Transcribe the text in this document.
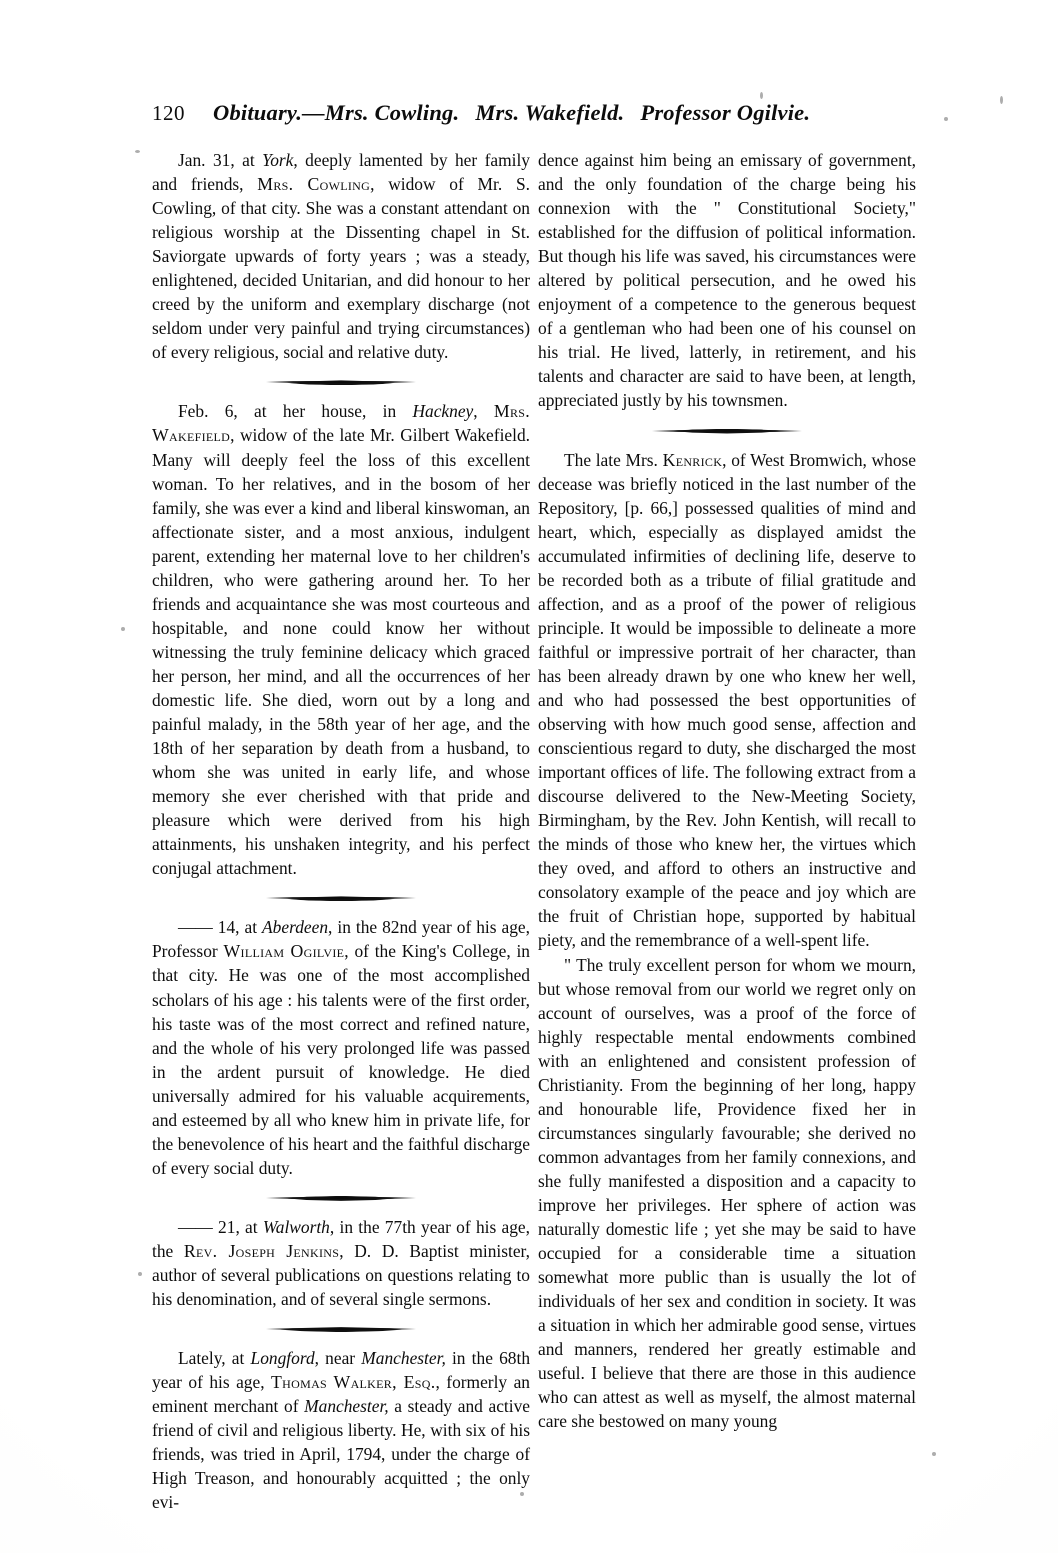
120 Obituary.—Mrs. Cowling. Mrs. Wakefield. Professor Ogilvie.

Jan. 31, at York, deeply lamented by her family and friends, Mrs. Cowling, widow of Mr. S. Cowling, of that city. She was a constant attendant on religious worship at the Dissenting chapel in St. Saviorgate upwards of forty years ; was a steady, enlightened, decided Unitarian, and did honour to her creed by the uniform and exemplary discharge (not seldom under very painful and trying circumstances) of every religious, social and relative duty.

Feb. 6, at her house, in Hackney, Mrs. Wakefield, widow of the late Mr. Gilbert Wakefield. Many will deeply feel the loss of this excellent woman. To her relatives, and in the bosom of her family, she was ever a kind and liberal kinswoman, an affectionate sister, and a most anxious, indulgent parent, extending her maternal love to her children's children, who were gathering around her. To her friends and acquaintance she was most courteous and hospitable, and none could know her without witnessing the truly feminine delicacy which graced her person, her mind, and all the occurrences of her domestic life. She died, worn out by a long and painful malady, in the 58th year of her age, and the 18th of her separation by death from a husband, to whom she was united in early life, and whose memory she ever cherished with that pride and pleasure which were derived from his high attainments, his unshaken integrity, and his perfect conjugal attachment.

—— 14, at Aberdeen, in the 82nd year of his age, Professor William Ogilvie, of the King's College, in that city. He was one of the most accomplished scholars of his age : his talents were of the first order, his taste was of the most correct and refined nature, and the whole of his very prolonged life was passed in the ardent pursuit of knowledge. He died universally admired for his valuable acquirements, and esteemed by all who knew him in private life, for the benevolence of his heart and the faithful discharge of every social duty.

—— 21, at Walworth, in the 77th year of his age, the Rev. Joseph Jenkins, D. D. Baptist minister, author of several publications on questions relating to his denomination, and of several single sermons.

Lately, at Longford, near Manchester, in the 68th year of his age, Thomas Walker, Esq., formerly an eminent merchant of Manchester, a steady and active friend of civil and religious liberty. He, with six of his friends, was tried in April, 1794, under the charge of High Treason, and honourably acquitted ; the only evi-

dence against him being an emissary of government, and the only foundation of the charge being his connexion with the " Constitutional Society," established for the diffusion of political information. But though his life was saved, his circumstances were altered by political persecution, and he owed his enjoyment of a competence to the generous bequest of a gentleman who had been one of his counsel on his trial. He lived, latterly, in retirement, and his talents and character are said to have been, at length, appreciated justly by his townsmen.

The late Mrs. Kenrick, of West Bromwich, whose decease was briefly noticed in the last number of the Repository, [p. 66,] possessed qualities of mind and heart, which, especially as displayed amidst the accumulated infirmities of declining life, deserve to be recorded both as a tribute of filial gratitude and affection, and as a proof of the power of religious principle. It would be impossible to delineate a more faithful or impressive portrait of her character, than has been already drawn by one who knew her well, and who had possessed the best opportunities of observing with how much good sense, affection and conscientious regard to duty, she discharged the most important offices of life. The following extract from a discourse delivered to the New-Meeting Society, Birmingham, by the Rev. John Kentish, will recall to the minds of those who knew her, the virtues which they oved, and afford to others an instructive and consolatory example of the peace and joy which are the fruit of Christian hope, supported by habitual piety, and the remembrance of a well-spent life.

" The truly excellent person for whom we mourn, but whose removal from our world we regret only on account of ourselves, was a proof of the force of highly respectable mental endowments combined with an enlightened and consistent profession of Christianity. From the beginning of her long, happy and honourable life, Providence fixed her in circumstances singularly favourable; she derived no common advantages from her family connexions, and she fully manifested a disposition and a capacity to improve her privileges. Her sphere of action was naturally domestic life ; yet she may be said to have occupied for a considerable time a situation somewhat more public than is usually the lot of individuals of her sex and condition in society. It was a situation in which her admirable good sense, virtues and manners, rendered her greatly estimable and useful. I believe that there are those in this audience who can attest as well as myself, the almost maternal care she bestowed on many young
